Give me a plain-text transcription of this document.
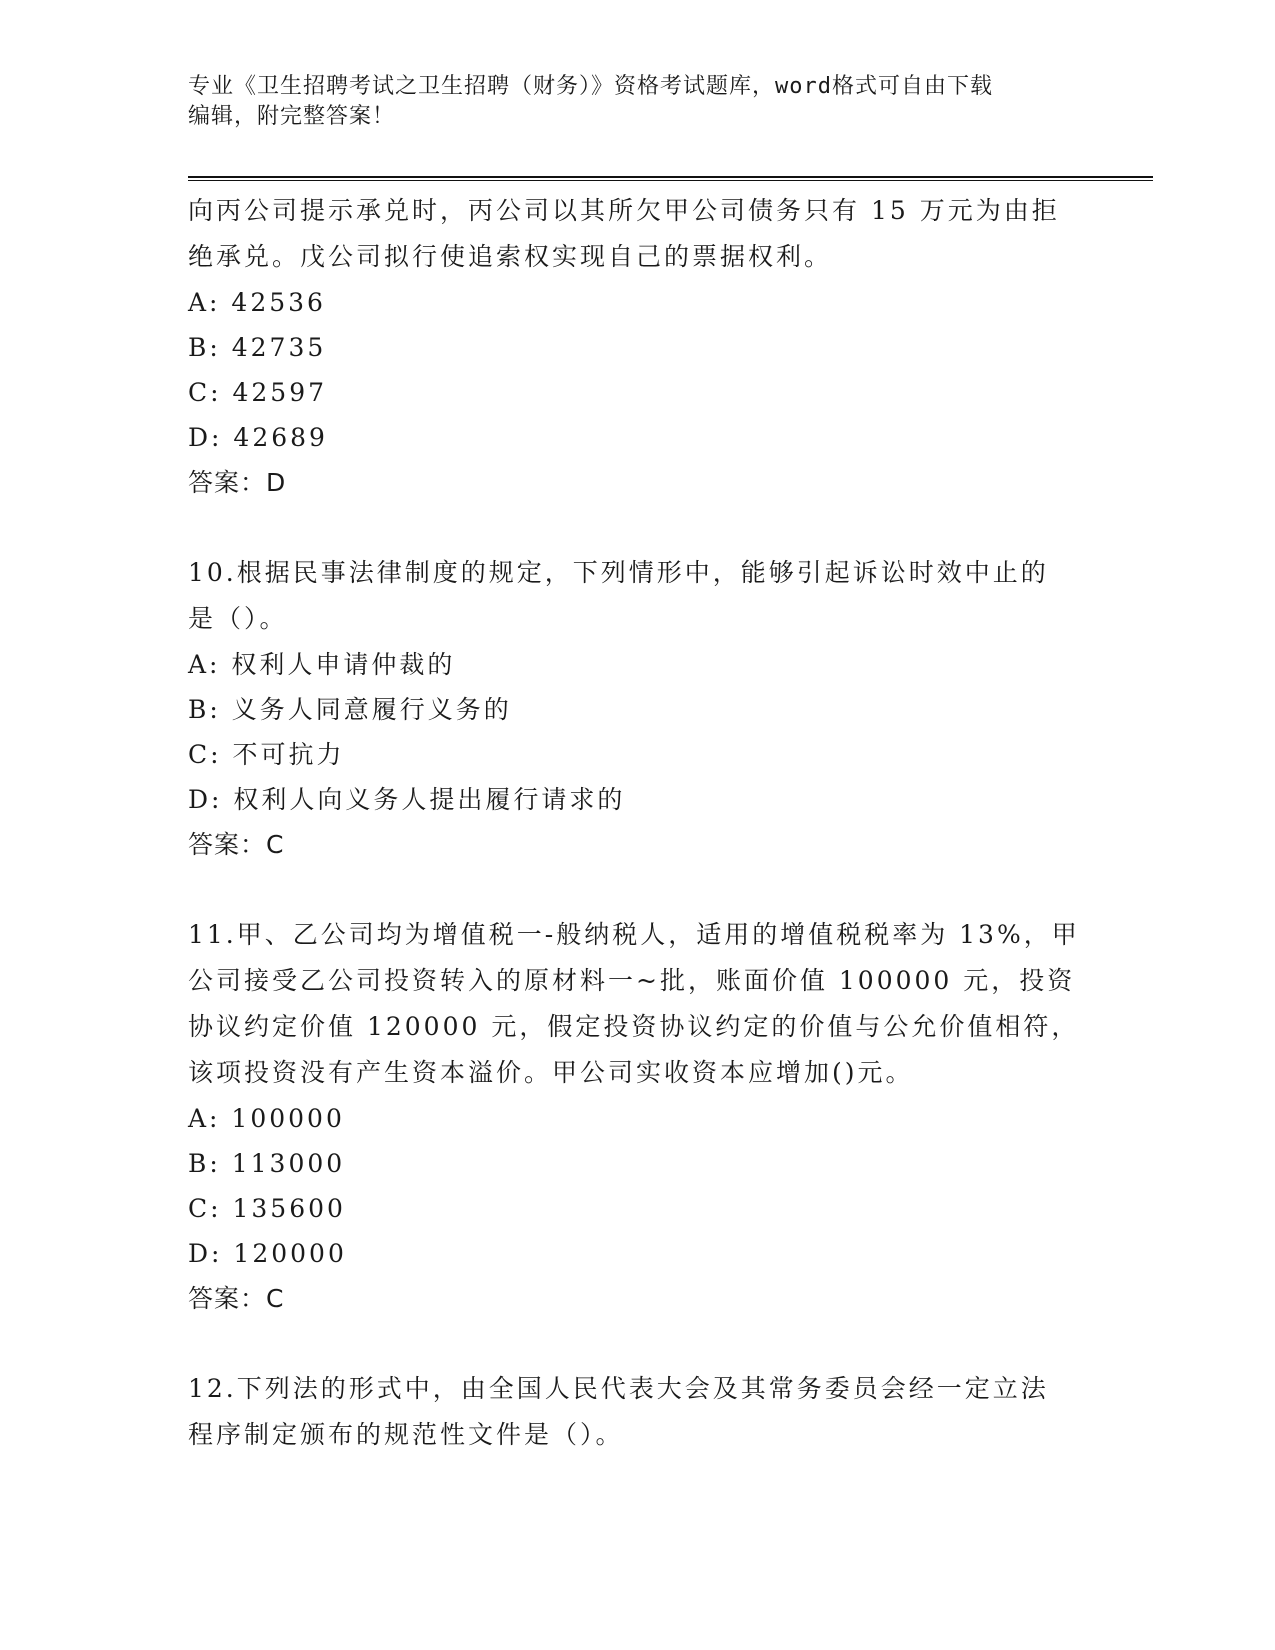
专业《卫生招聘考试之卫生招聘（财务）》资格考试题库，word格式可自由下载
编辑，附完整答案！

向丙公司提示承兑时，丙公司以其所欠甲公司债务只有 15 万元为由拒

绝承兑。戊公司拟行使追索权实现自己的票据权利。

A: 42536

B: 42735

C: 42597

D: 42689

答案：D

10.根据民事法律制度的规定，下列情形中，能够引起诉讼时效中止的

是（）。

A: 权利人申请仲裁的

B: 义务人同意履行义务的

C: 不可抗力

D: 权利人向义务人提出履行请求的

答案：C

11.甲、乙公司均为增值税一-般纳税人，适用的增值税税率为 13%，甲

公司接受乙公司投资转入的原材料一~批，账面价值 100000 元，投资

协议约定价值 120000 元，假定投资协议约定的价值与公允价值相符，

该项投资没有产生资本溢价。甲公司实收资本应增加()元。

A: 100000

B: 113000

C: 135600

D: 120000

答案：C

12.下列法的形式中，由全国人民代表大会及其常务委员会经一定立法

程序制定颁布的规范性文件是（）。
